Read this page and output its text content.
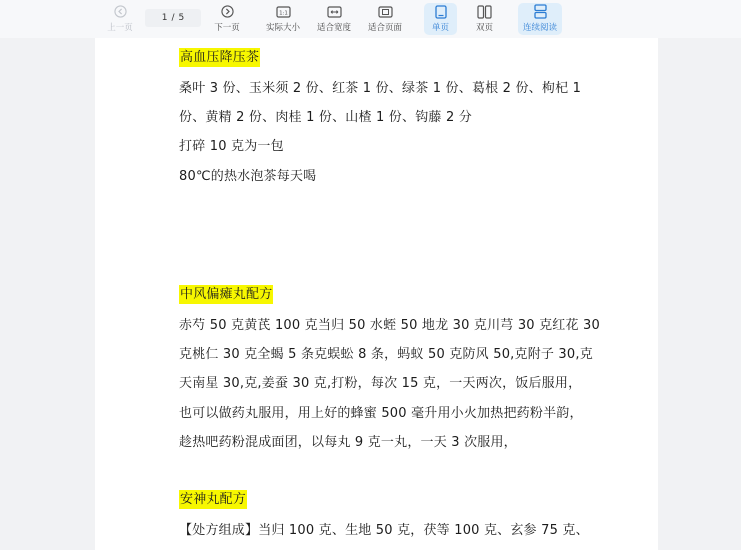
上一页
1 / 5
下一页
1:1
实际大小 适合宽度 适合页面	单页	双页	连续阅读
高血压降压茶
桑叶 3 份、玉米须 2 份、红茶 1 份、绿茶 1 份、葛根 2 份、枸杞 1
份、黄精 2 份、肉桂 1 份、山楂 1 份、钩藤 2 分
打碎 10 克为一包
80℃的热水泡茶每天喝
中风偏瘫丸配方
赤芍 50 克黄芪 100 克当归 50 水蛭 50 地龙 30 克川芎 30 克红花 30
克桃仁 30 克全蝎 5 条克蜈蚣 8 条，蚂蚁 50 克防风 50,克附子 30,克
天南星 30,克,姜蚕 30 克,打粉，每次 15 克，一天两次，饭后服用，
也可以做药丸服用，用上好的蜂蜜 500 毫升用小火加热把药粉半韵，
趁热吧药粉混成面团，以每丸 9 克一丸，一天 3 次服用，
安神丸配方
【处方组成】当归 100 克、生地 50 克，茯等 100 克、玄参 75 克、
